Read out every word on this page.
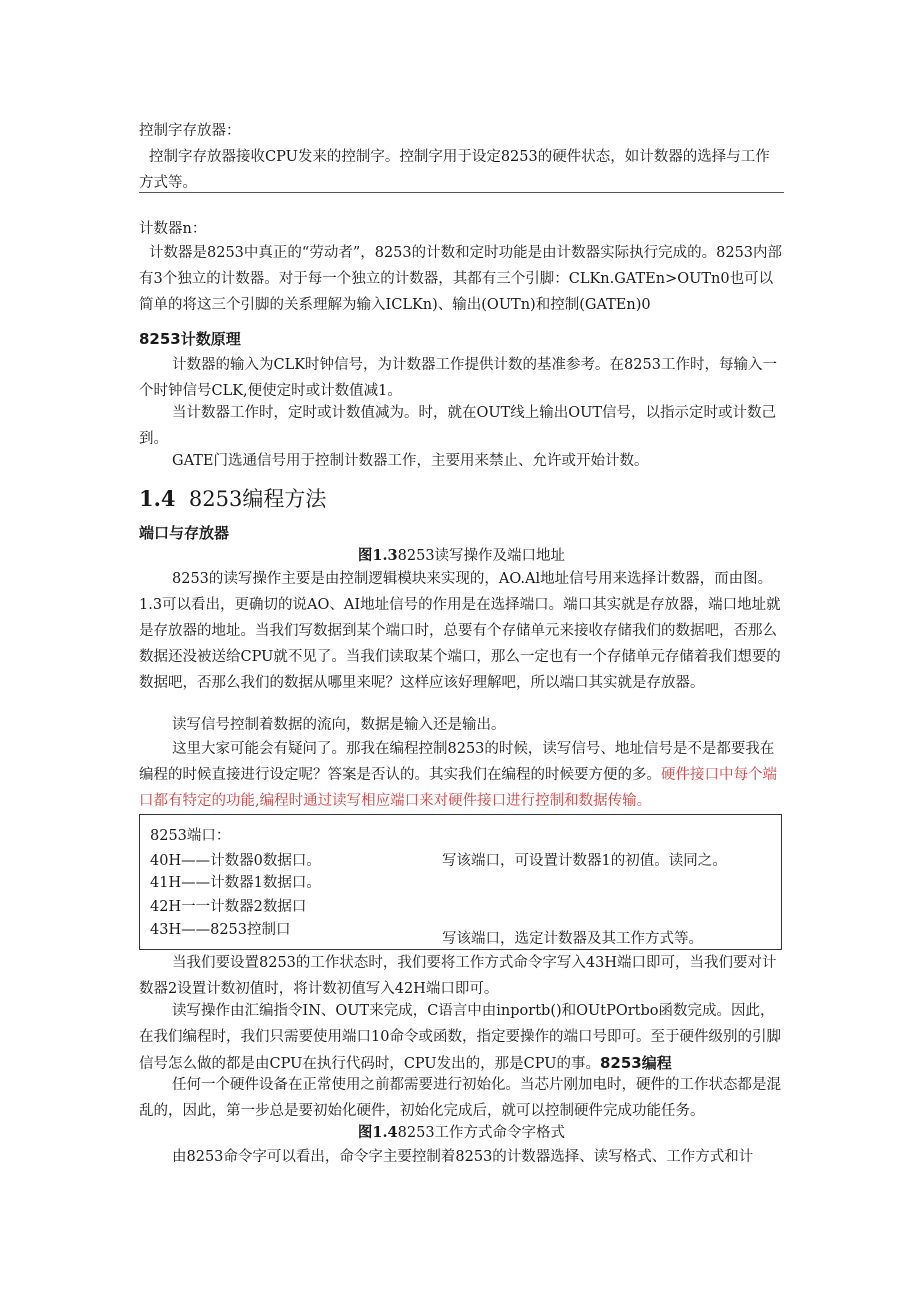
控制字存放器：

控制字存放器接收CPU发来的控制字。控制字用于设定8253的硬件状态，如计数器的选择与工作方式等。

计数器n：

计数器是8253中真正的“劳动者”，8253的计数和定时功能是由计数器实际执行完成的。8253内部有3个独立的计数器。对于每一个独立的计数器，其都有三个引脚：CLKn.GATEn>OUTn0也可以简单的将这三个引脚的关系理解为输入ICLKn)、输出(OUTn)和控制(GATEn)0

8253计数原理

计数器的输入为CLK时钟信号，为计数器工作提供计数的基准参考。在8253工作时，每输入一个时钟信号CLK,便使定时或计数值减1。

当计数器工作时，定时或计数值减为。时，就在OUT线上输出OUT信号，以指示定时或计数己到。

GATE门选通信号用于控制计数器工作，主要用来禁止、允许或开始计数。

1.4 8253编程方法

端口与存放器

图1.38253读写操作及端口地址

8253的读写操作主要是由控制逻辑模块来实现的，AO.Al地址信号用来选择计数器，而由图。1.3可以看出，更确切的说AO、AI地址信号的作用是在选择端口。端口其实就是存放器，端口地址就是存放器的地址。当我们写数据到某个端口时，总要有个存储单元来接收存储我们的数据吧，否那么数据还没被送给CPU就不见了。当我们读取某个端口，那么一定也有一个存储单元存储着我们想要的数据吧，否那么我们的数据从哪里来呢？这样应该好理解吧，所以端口其实就是存放器。

读写信号控制着数据的流向，数据是输入还是输出。

这里大家可能会有疑问了。那我在编程控制8253的时候，读写信号、地址信号是不是都要我在编程的时候直接进行设定呢？答案是否认的。其实我们在编程的时候要方便的多。硬件接口中每个端口都有特定的功能,编程时通过读写相应端口来对硬件接口进行控制和数据传输。

8253端口：
40H——计数器0数据口。
41H——计数器1数据口。
42H一一计数器2数据口
43H——8253控制口
写该端口，可设置计数器1的初值。读同之。
写该端口，选定计数器及其工作方式等。

当我们要设置8253的工作状态时，我们要将工作方式命令字写入43H端口即可，当我们要对计数器2设置计数初值时，将计数初值写入42H端口即可。

读写操作由汇编指令IN、OUT来完成，C语言中由inportb()和OUtPOrtbo函数完成。因此，在我们编程时，我们只需要使用端口10命令或函数，指定要操作的端口号即可。至于硬件级别的引脚信号怎么做的都是由CPU在执行代码时，CPU发出的，那是CPU的事。8253编程

任何一个硬件设备在正常使用之前都需要进行初始化。当芯片刚加电时，硬件的工作状态都是混乱的，因此，第一步总是要初始化硬件，初始化完成后，就可以控制硬件完成功能任务。

图1.48253工作方式命令字格式

由8253命令字可以看出，命令字主要控制着8253的计数器选择、读写格式、工作方式和计
